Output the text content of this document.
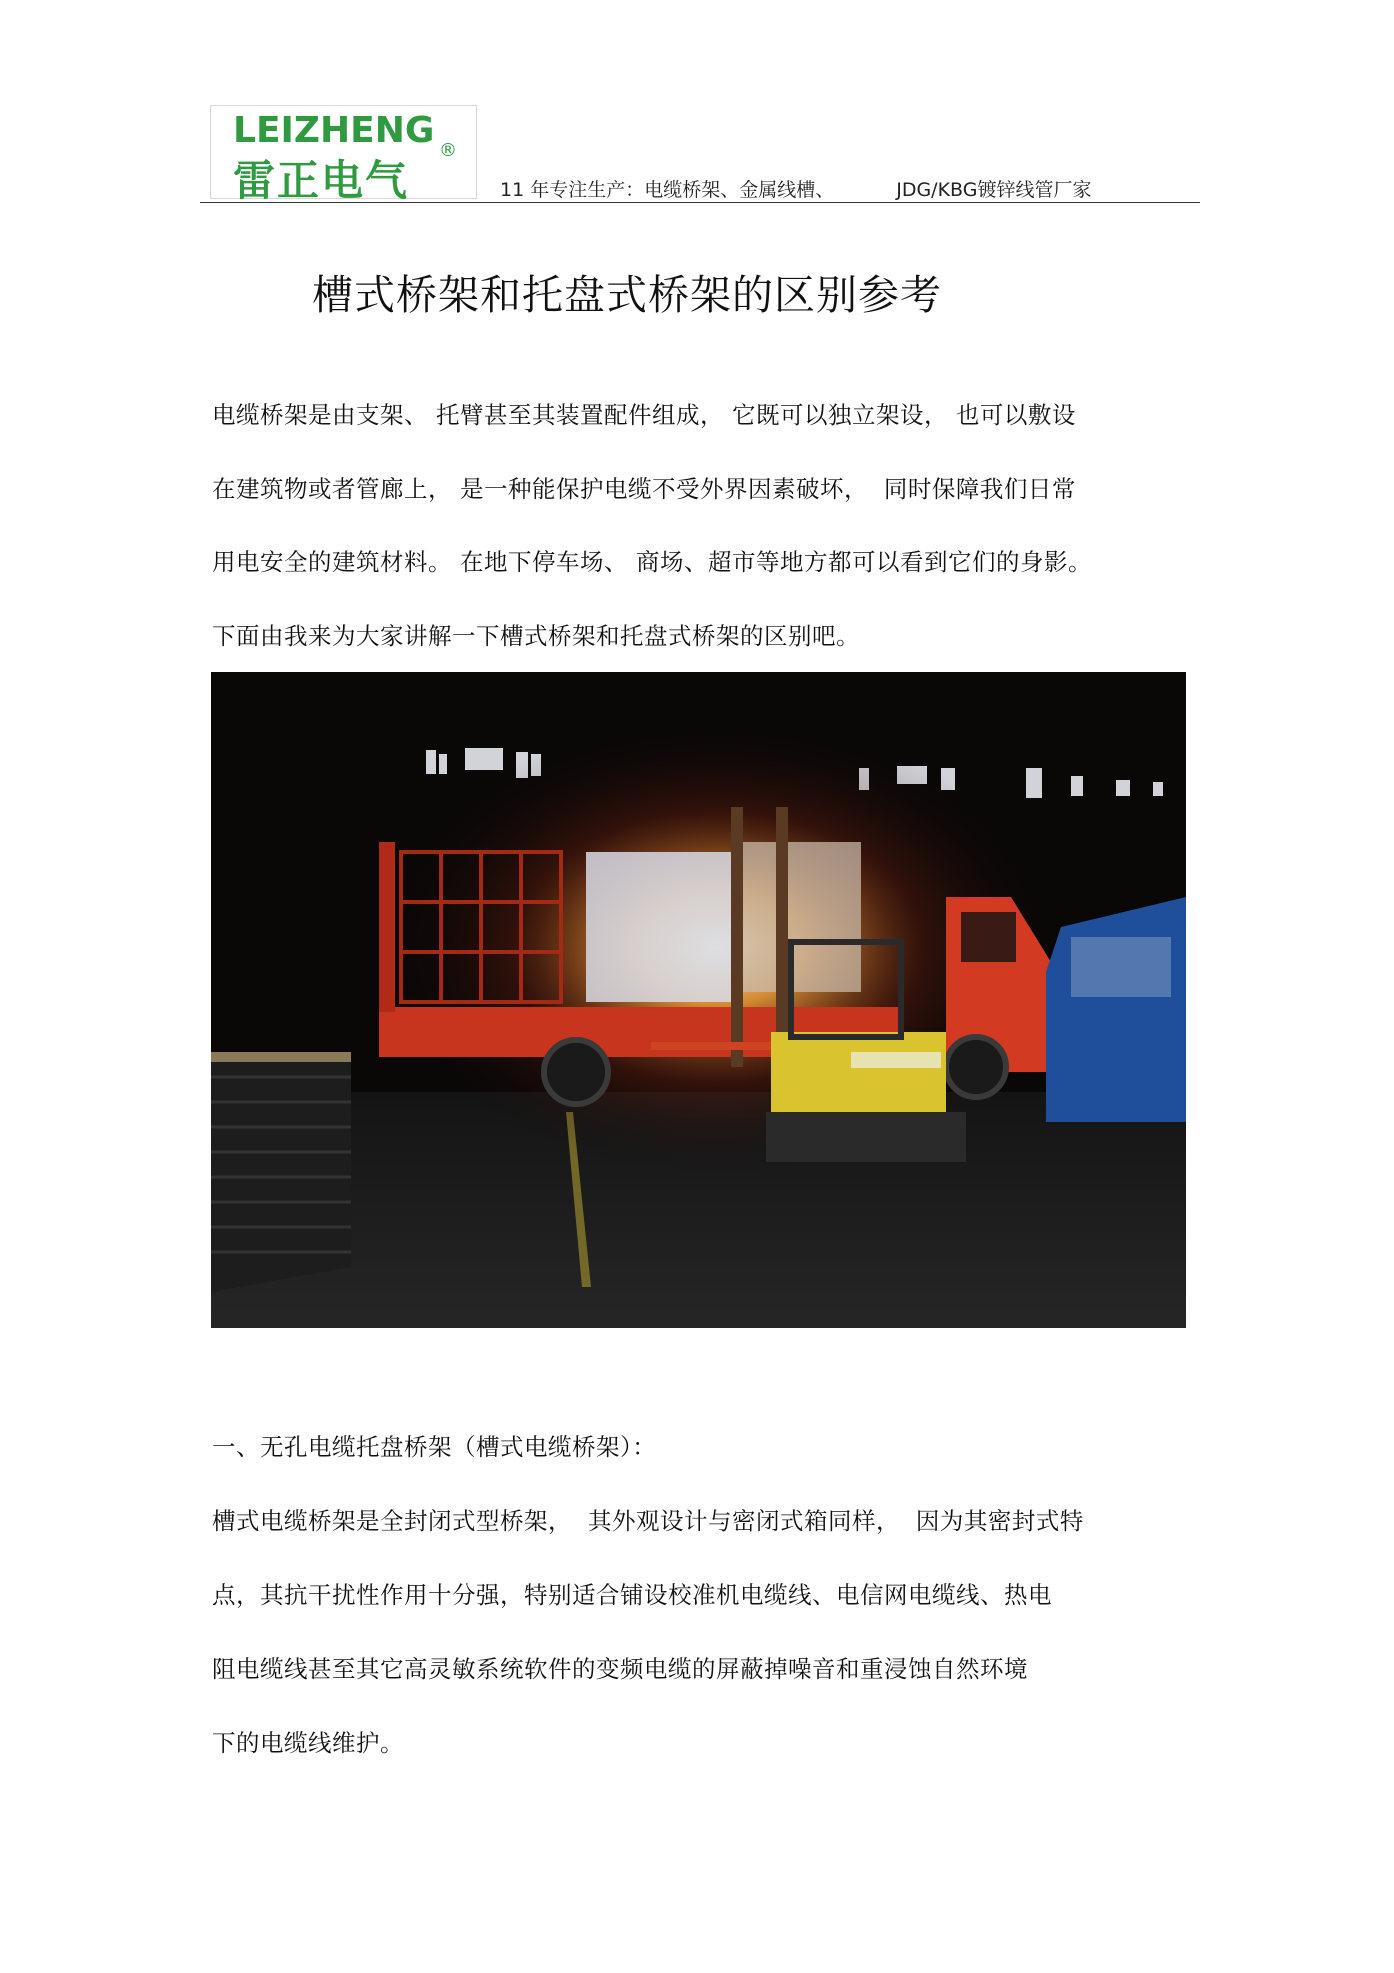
LEIZHENG
雷正电气
®
11 年专注生产：电缆桥架、金属线槽、	JDG/KBG镀锌线管厂家
槽式桥架和托盘式桥架的区别参考

电缆桥架是由支架、 托臂甚至其装置配件组成， 它既可以独立架设， 也可以敷设

在建筑物或者管廊上， 是一种能保护电缆不受外界因素破坏，  同时保障我们日常

用电安全的建筑材料。 在地下停车场、 商场、超市等地方都可以看到它们的身影。

下面由我来为大家讲解一下槽式桥架和托盘式桥架的区别吧。

一、无孔电缆托盘桥架（槽式电缆桥架）：

槽式电缆桥架是全封闭式型桥架，  其外观设计与密闭式箱同样，  因为其密封式特

点，其抗干扰性作用十分强，特别适合铺设校准机电缆线、电信网电缆线、热电

阻电缆线甚至其它高灵敏系统软件的变频电缆的屏蔽掉噪音和重浸蚀自然环境

下的电缆线维护。
